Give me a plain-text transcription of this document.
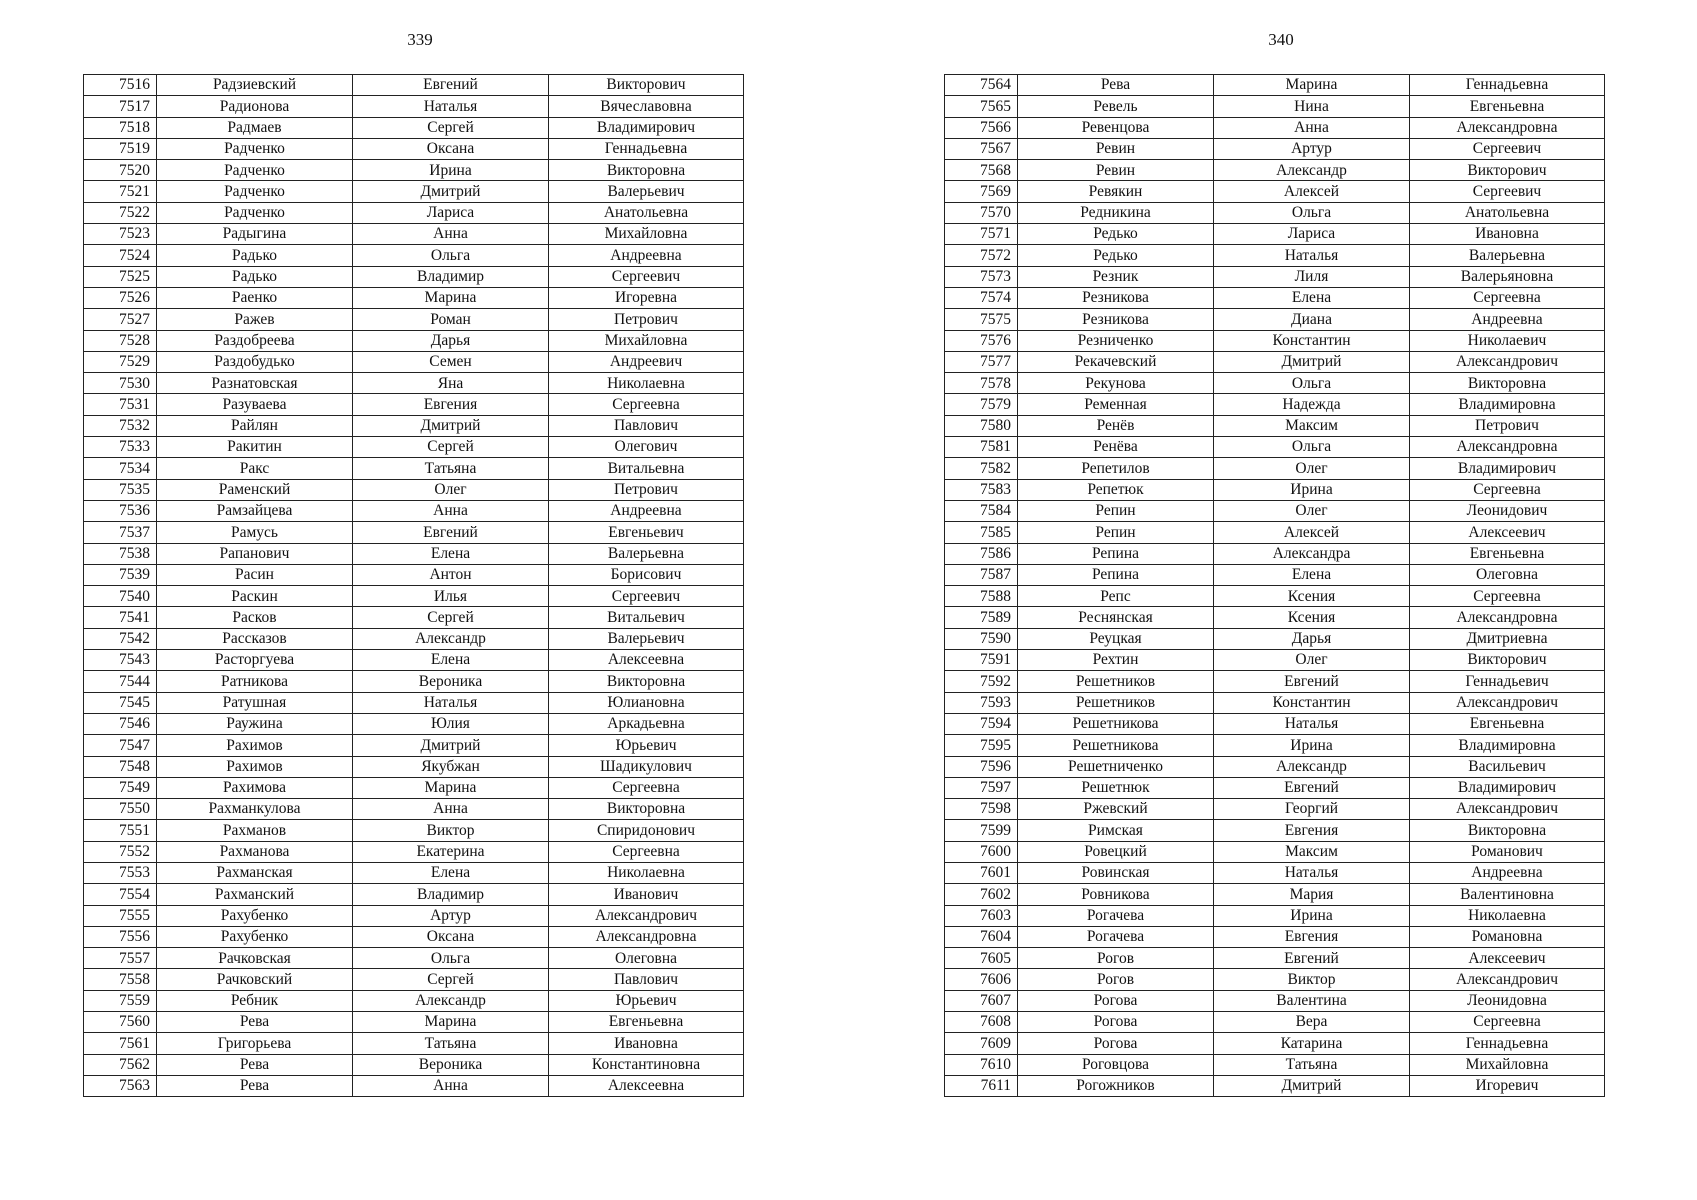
339	340
7516	Радзиевский	Евгений	Викторович
7517	Радионова	Наталья	Вячеславовна
7518	Радмаев	Сергей	Владимирович
7519	Радченко	Оксана	Геннадьевна
7520	Радченко	Ирина	Викторовна
7521	Радченко	Дмитрий	Валерьевич
7522	Радченко	Лариса	Анатольевна
7523	Радыгина	Анна	Михайловна
7524	Радько	Ольга	Андреевна
7525	Радько	Владимир	Сергеевич
7526	Раенко	Марина	Игоревна
7527	Ражев	Роман	Петрович
7528	Раздобреева	Дарья	Михайловна
7529	Раздобудько	Семен	Андреевич
7530	Разнатовская	Яна	Николаевна
7531	Разуваева	Евгения	Сергеевна
7532	Райлян	Дмитрий	Павлович
7533	Ракитин	Сергей	Олегович
7534	Ракс	Татьяна	Витальевна
7535	Раменский	Олег	Петрович
7536	Рамзайцева	Анна	Андреевна
7537	Рамусь	Евгений	Евгеньевич
7538	Рапанович	Елена	Валерьевна
7539	Расин	Антон	Борисович
7540	Раскин	Илья	Сергеевич
7541	Расков	Сергей	Витальевич
7542	Рассказов	Александр	Валерьевич
7543	Расторгуева	Елена	Алексеевна
7544	Ратникова	Вероника	Викторовна
7545	Ратушная	Наталья	Юлиановна
7546	Раужина	Юлия	Аркадьевна
7547	Рахимов	Дмитрий	Юрьевич
7548	Рахимов	Якубжан	Шадикулович
7549	Рахимова	Марина	Сергеевна
7550	Рахманкулова	Анна	Викторовна
7551	Рахманов	Виктор	Спиридонович
7552	Рахманова	Екатерина	Сергеевна
7553	Рахманская	Елена	Николаевна
7554	Рахманский	Владимир	Иванович
7555	Рахубенко	Артур	Александрович
7556	Рахубенко	Оксана	Александровна
7557	Рачковская	Ольга	Олеговна
7558	Рачковский	Сергей	Павлович
7559	Ребник	Александр	Юрьевич
7560	Рева	Марина	Евгеньевна
7561	Григорьева	Татьяна	Ивановна
7562	Рева	Вероника	Константиновна
7563	Рева	Анна	Алексеевна
7564	Рева	Марина	Геннадьевна
7565	Ревель	Нина	Евгеньевна
7566	Ревенцова	Анна	Александровна
7567	Ревин	Артур	Сергеевич
7568	Ревин	Александр	Викторович
7569	Ревякин	Алексей	Сергеевич
7570	Редникина	Ольга	Анатольевна
7571	Редько	Лариса	Ивановна
7572	Редько	Наталья	Валерьевна
7573	Резник	Лиля	Валерьяновна
7574	Резникова	Елена	Сергеевна
7575	Резникова	Диана	Андреевна
7576	Резниченко	Константин	Николаевич
7577	Рекачевский	Дмитрий	Александрович
7578	Рекунова	Ольга	Викторовна
7579	Ременная	Надежда	Владимировна
7580	Ренёв	Максим	Петрович
7581	Ренёва	Ольга	Александровна
7582	Репетилов	Олег	Владимирович
7583	Репетюк	Ирина	Сергеевна
7584	Репин	Олег	Леонидович
7585	Репин	Алексей	Алексеевич
7586	Репина	Александра	Евгеньевна
7587	Репина	Елена	Олеговна
7588	Репс	Ксения	Сергеевна
7589	Реснянская	Ксения	Александровна
7590	Реуцкая	Дарья	Дмитриевна
7591	Рехтин	Олег	Викторович
7592	Решетников	Евгений	Геннадьевич
7593	Решетников	Константин	Александрович
7594	Решетникова	Наталья	Евгеньевна
7595	Решетникова	Ирина	Владимировна
7596	Решетниченко	Александр	Васильевич
7597	Решетнюк	Евгений	Владимирович
7598	Ржевский	Георгий	Александрович
7599	Римская	Евгения	Викторовна
7600	Ровецкий	Максим	Романович
7601	Ровинская	Наталья	Андреевна
7602	Ровникова	Мария	Валентиновна
7603	Рогачева	Ирина	Николаевна
7604	Рогачева	Евгения	Романовна
7605	Рогов	Евгений	Алексеевич
7606	Рогов	Виктор	Александрович
7607	Рогова	Валентина	Леонидовна
7608	Рогова	Вера	Сергеевна
7609	Рогова	Катарина	Геннадьевна
7610	Роговцова	Татьяна	Михайловна
7611	Рогожников	Дмитрий	Игоревич
